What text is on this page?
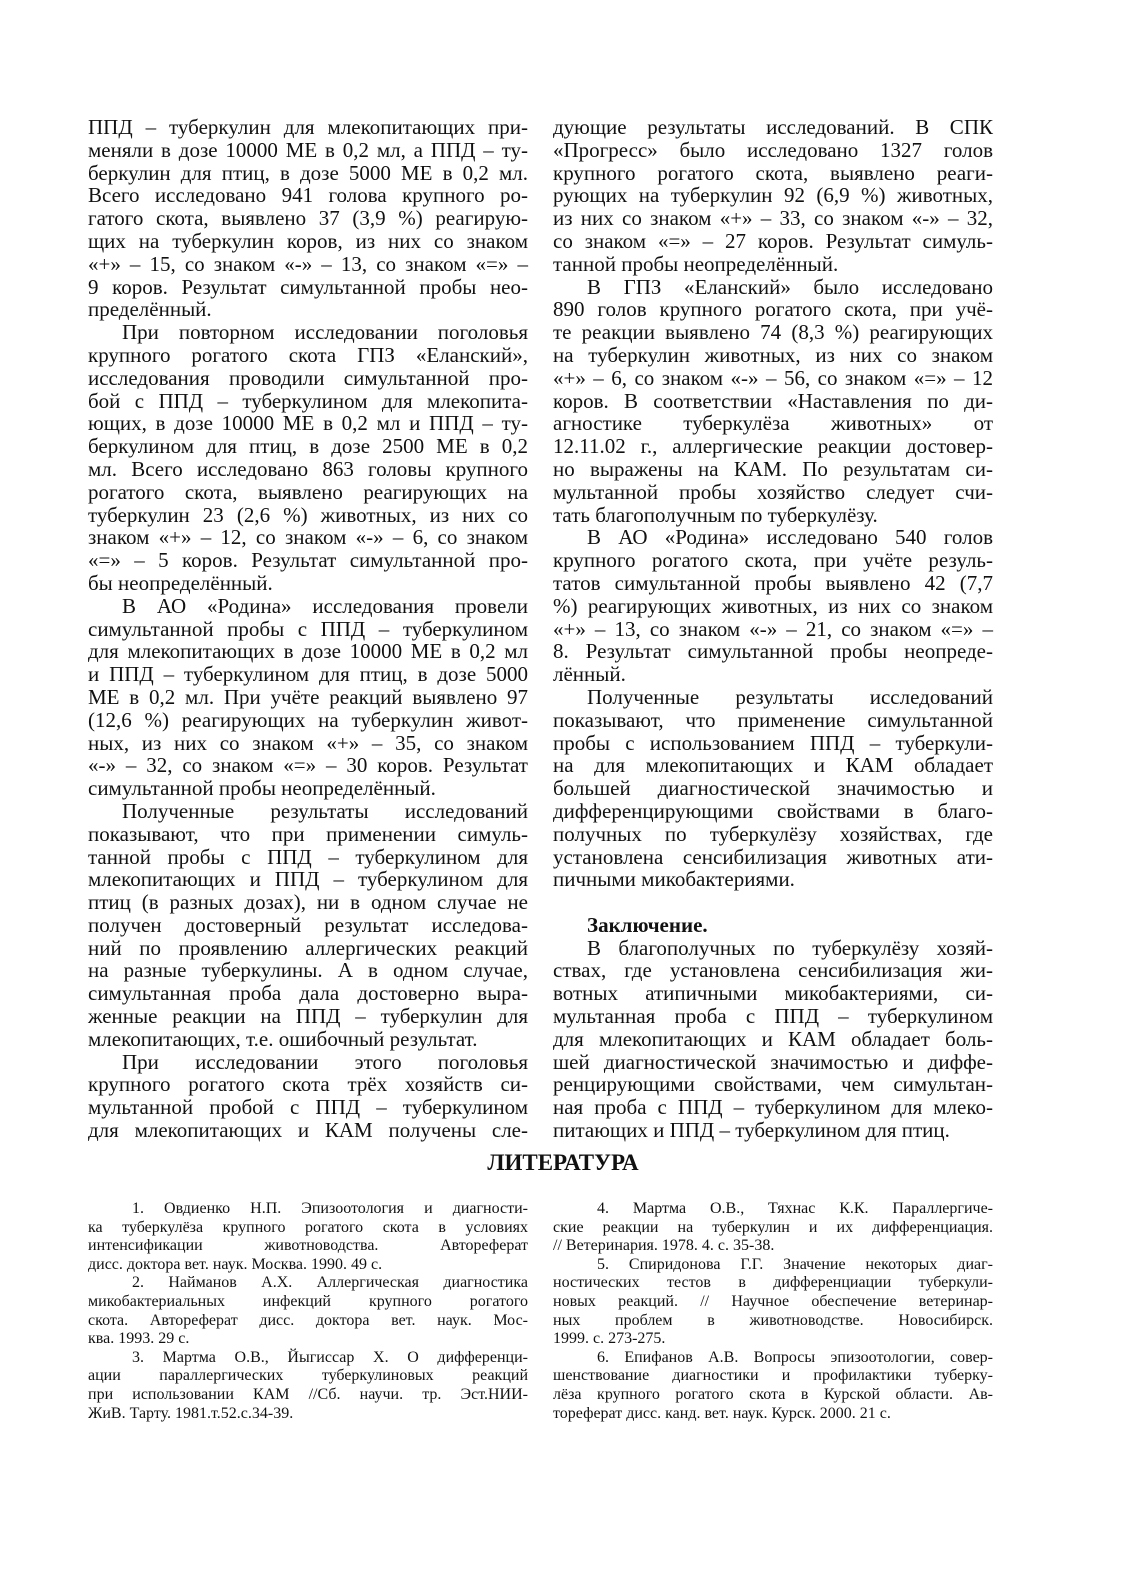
ППД – туберкулин для млекопитающих при-
меняли в дозе 10000 МЕ в 0,2 мл, а ППД – ту-
беркулин для птиц, в дозе 5000 МЕ в 0,2 мл.
Всего исследовано 941 голова крупного ро-
гатого скота, выявлено 37 (3,9 %) реагирую-
щих на туберкулин коров, из них со знаком
«+» – 15, со знаком «-» – 13, со знаком «=» –
9 коров. Результат симультанной пробы нео-
пределённый.
При повторном исследовании поголовья
крупного рогатого скота ГПЗ «Еланский»,
исследования проводили симультанной про-
бой с ППД – туберкулином для млекопита-
ющих, в дозе 10000 МЕ в 0,2 мл и ППД – ту-
беркулином для птиц, в дозе 2500 МЕ в 0,2
мл. Всего исследовано 863 головы крупного
рогатого скота, выявлено реагирующих на
туберкулин 23 (2,6 %) животных, из них со
знаком «+» – 12, со знаком «-» – 6, со знаком
«=» – 5 коров. Результат симультанной про-
бы неопределённый.
В АО «Родина» исследования провели
симультанной пробы с ППД – туберкулином
для млекопитающих в дозе 10000 МЕ в 0,2 мл
и ППД – туберкулином для птиц, в дозе 5000
МЕ в 0,2 мл. При учёте реакций выявлено 97
(12,6 %) реагирующих на туберкулин живот-
ных, из них со знаком «+» – 35, со знаком
«-» – 32, со знаком «=» – 30 коров. Результат
симультанной пробы неопределённый.
Полученные результаты исследований
показывают, что при применении симуль-
танной пробы с ППД – туберкулином для
млекопитающих и ППД – туберкулином для
птиц (в разных дозах), ни в одном случае не
получен достоверный результат исследова-
ний по проявлению аллергических реакций
на разные туберкулины. А в одном случае,
симультанная проба дала достоверно выра-
женные реакции на ППД – туберкулин для
млекопитающих, т.е. ошибочный результат.
При исследовании этого поголовья
крупного рогатого скота трёх хозяйств си-
мультанной пробой с ППД – туберкулином
для млекопитающих и КАМ получены сле-
дующие результаты исследований. В СПК
«Прогресс» было исследовано 1327 голов
крупного рогатого скота, выявлено реаги-
рующих на туберкулин 92 (6,9 %) животных,
из них со знаком «+» – 33, со знаком «-» – 32,
со знаком «=» – 27 коров. Результат симуль-
танной пробы неопределённый.
В ГПЗ «Еланский» было исследовано
890 голов крупного рогатого скота, при учё-
те реакции выявлено 74 (8,3 %) реагирующих
на туберкулин животных, из них со знаком
«+» – 6, со знаком «-» – 56, со знаком «=» – 12
коров. В соответствии «Наставления по ди-
агностике туберкулёза животных» от
12.11.02 г., аллергические реакции достовер-
но выражены на КАМ. По результатам си-
мультанной пробы хозяйство следует счи-
тать благополучным по туберкулёзу.
В АО «Родина» исследовано 540 голов
крупного рогатого скота, при учёте резуль-
татов симультанной пробы выявлено 42 (7,7
%) реагирующих животных, из них со знаком
«+» – 13, со знаком «-» – 21, со знаком «=» –
8. Результат симультанной пробы неопреде-
лённый.
Полученные результаты исследований
показывают, что применение симультанной
пробы с использованием ППД – туберкули-
на для млекопитающих и КАМ обладает
большей диагностической значимостью и
дифференцирующими свойствами в благо-
получных по туберкулёзу хозяйствах, где
установлена сенсибилизация животных ати-
пичными микобактериями.
Заключение.
В благополучных по туберкулёзу хозяй-
ствах, где установлена сенсибилизация жи-
вотных атипичными микобактериями, си-
мультанная проба с ППД – туберкулином
для млекопитающих и КАМ обладает боль-
шей диагностической значимостью и диффе-
ренцирующими свойствами, чем симультан-
ная проба с ППД – туберкулином для млеко-
питающих и ППД – туберкулином для птиц.
ЛИТЕРАТУРА
1. Овдиенко Н.П. Эпизоотология и диагности-
ка туберкулёза крупного рогатого скота в условиях
интенсификации животноводства. Автореферат
дисс. доктора вет. наук. Москва. 1990. 49 с.
2. Найманов А.Х. Аллергическая диагностика
микобактериальных инфекций крупного рогатого
скота. Автореферат дисс. доктора вет. наук. Мос-
ква. 1993. 29 с.
3. Мартма О.В., Йыгиссар Х. О дифференци-
ации параллергических туберкулиновых реакций
при использовании КАМ //Сб. научи. тр. Эст.НИИ-
ЖиВ. Тарту. 1981.т.52.с.34-39.
4. Мартма О.В., Тяхнас К.К. Параллергиче-
ские реакции на туберкулин и их дифференциация.
// Ветеринария. 1978. 4. с. 35-38.
5. Спиридонова Г.Г. Значение некоторых диаг-
ностических тестов в дифференциации туберкули-
новых реакций. // Научное обеспечение ветеринар-
ных проблем в животноводстве. Новосибирск.
1999. с. 273-275.
6. Епифанов А.В. Вопросы эпизоотологии, совер-
шенствование диагностики и профилактики туберку-
лёза крупного рогатого скота в Курской области. Ав-
тореферат дисс. канд. вет. наук. Курск. 2000. 21 с.
